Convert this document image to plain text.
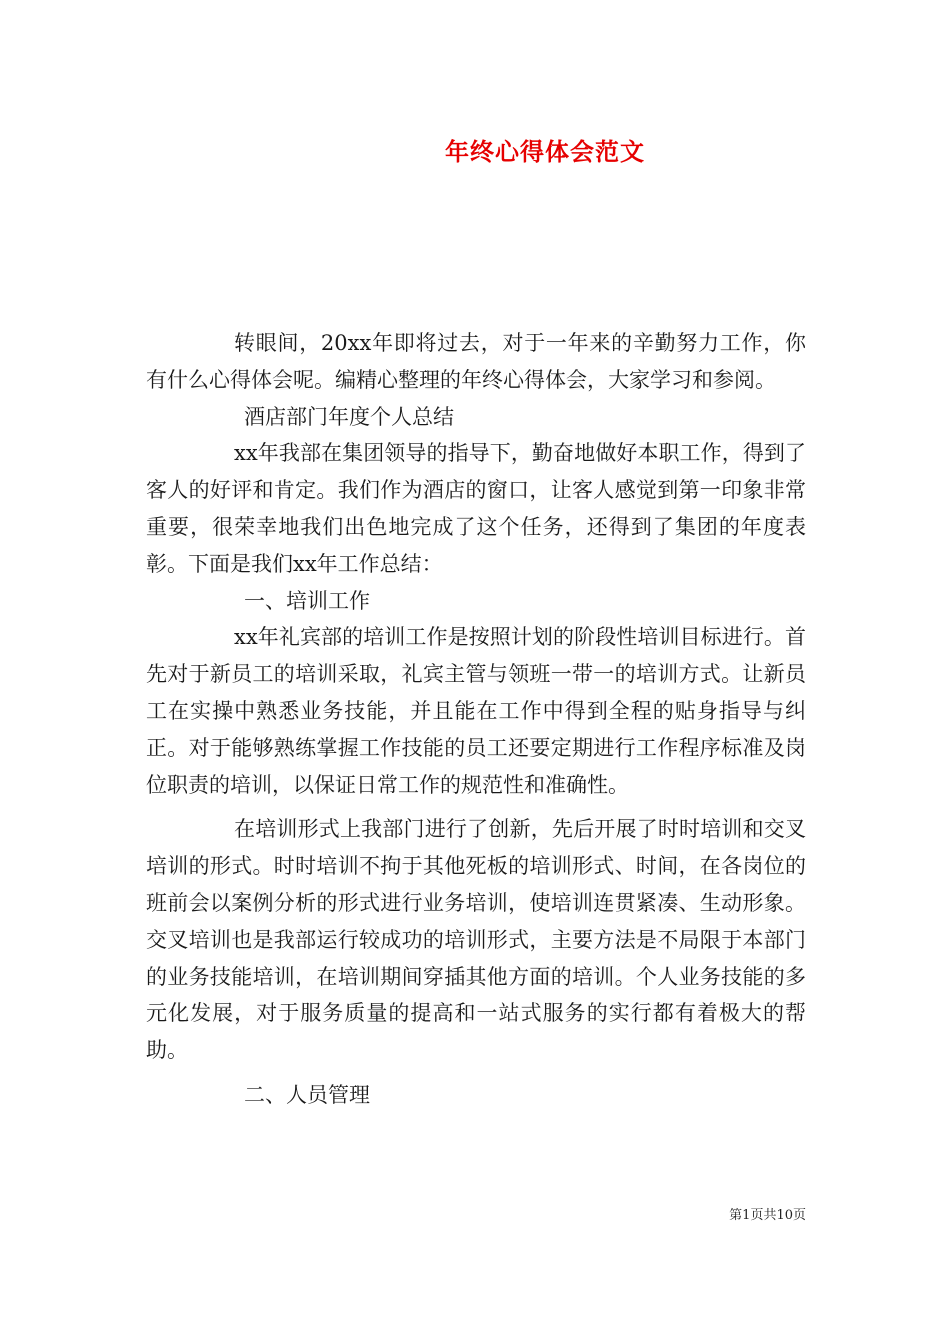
年终心得体会范文

转眼间，20xx年即将过去，对于一年来的辛勤努力工作，你有什么心得体会呢。编精心整理的年终心得体会，大家学习和参阅。

酒店部门年度个人总结

xx年我部在集团领导的指导下，勤奋地做好本职工作，得到了客人的好评和肯定。我们作为酒店的窗口，让客人感觉到第一印象非常重要，很荣幸地我们出色地完成了这个任务，还得到了集团的年度表彰。下面是我们xx年工作总结：

一、培训工作

xx年礼宾部的培训工作是按照计划的阶段性培训目标进行。首先对于新员工的培训采取，礼宾主管与领班一带一的培训方式。让新员工在实操中熟悉业务技能，并且能在工作中得到全程的贴身指导与纠正。对于能够熟练掌握工作技能的员工还要定期进行工作程序标准及岗位职责的培训，以保证日常工作的规范性和准确性。

在培训形式上我部门进行了创新，先后开展了时时培训和交叉培训的形式。时时培训不拘于其他死板的培训形式、时间，在各岗位的班前会以案例分析的形式进行业务培训，使培训连贯紧凑、生动形象。交叉培训也是我部运行较成功的培训形式，主要方法是不局限于本部门的业务技能培训，在培训期间穿插其他方面的培训。个人业务技能的多元化发展，对于服务质量的提高和一站式服务的实行都有着极大的帮助。

二、人员管理

第1页共10页
